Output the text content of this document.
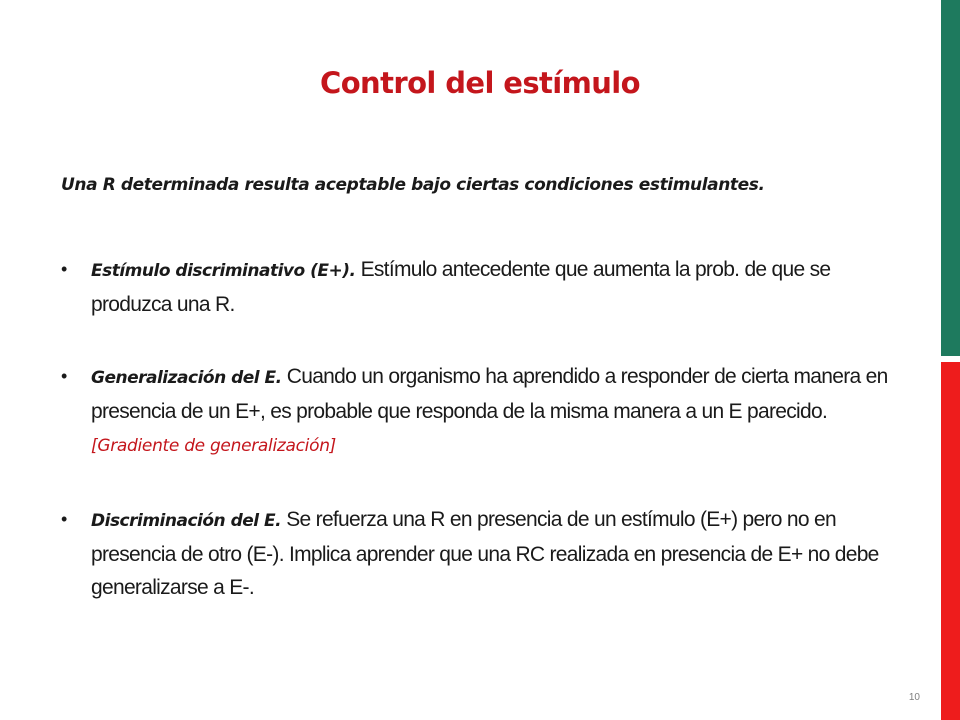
Control del estímulo
Una R determinada resulta aceptable bajo ciertas condiciones estimulantes.
•	Estímulo discriminativo (E+). Estímulo antecedente que aumenta la prob. de que se produzca una R.
•	Generalización del E. Cuando un organismo ha aprendido a responder de cierta manera en presencia de un E+, es probable que responda de la misma manera a un E parecido. [Gradiente de generalización]
•	Discriminación del E. Se refuerza una R en presencia de un estímulo (E+) pero no en presencia de otro (E-). Implica aprender que una RC realizada en presencia de E+ no debe generalizarse a E-.
10
